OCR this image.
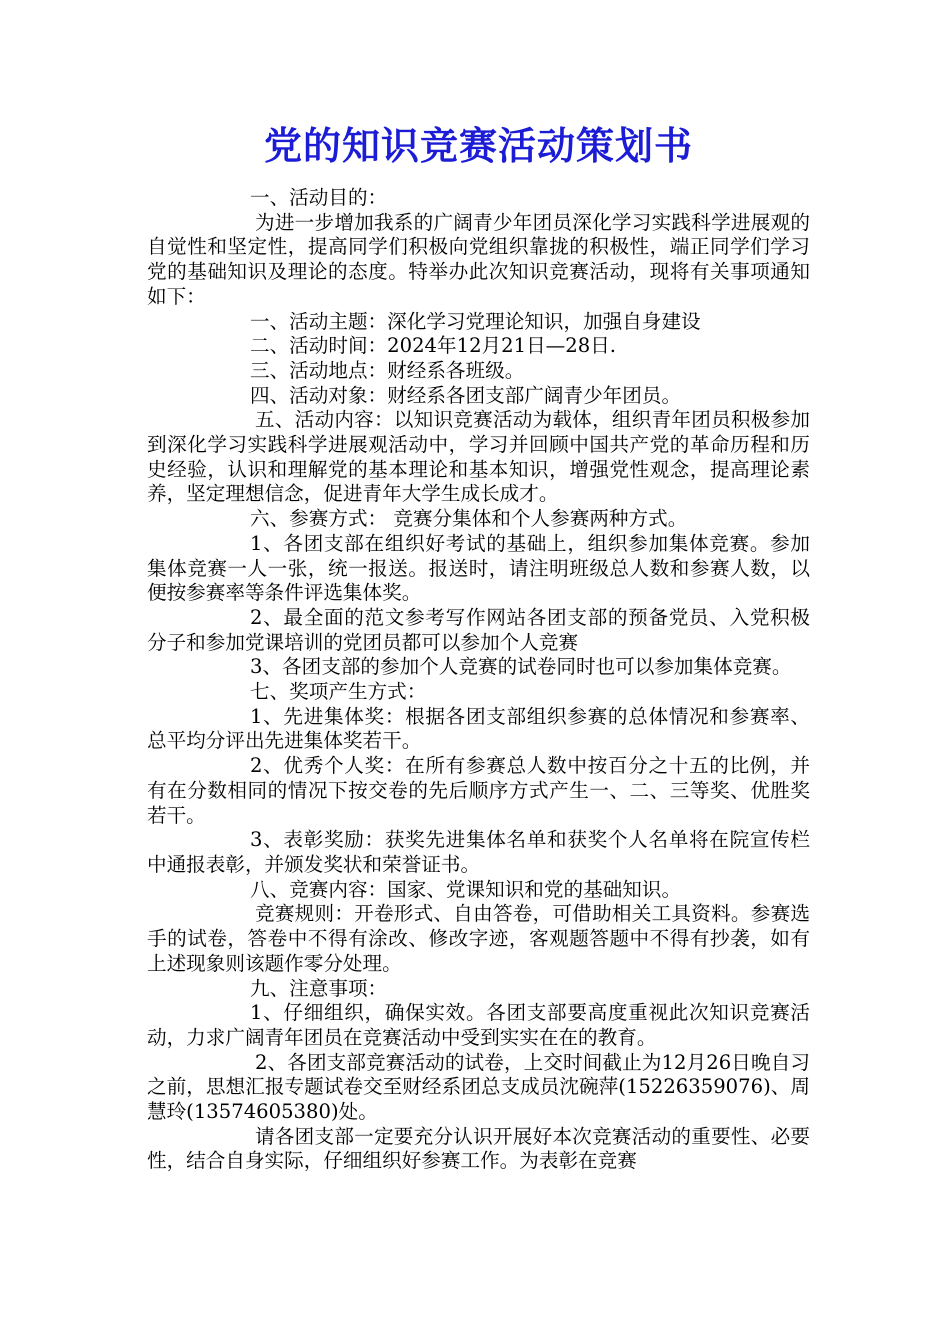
党的知识竞赛活动策划书

一、活动目的：

为进一步增加我系的广阔青少年团员深化学习实践科学进展观的自觉性和坚定性，提高同学们积极向党组织靠拢的积极性，端正同学们学习党的基础知识及理论的态度。特举办此次知识竞赛活动，现将有关事项通知如下：

一、活动主题：深化学习党理论知识，加强自身建设

二、活动时间：2024年12月21日—28日.

三、活动地点：财经系各班级。

四、活动对象：财经系各团支部广阔青少年团员。

五、活动内容：以知识竞赛活动为载体，组织青年团员积极参加到深化学习实践科学进展观活动中，学习并回顾中国共产党的革命历程和历史经验，认识和理解党的基本理论和基本知识，增强党性观念，提高理论素养，坚定理想信念，促进青年大学生成长成才。

六、参赛方式： 竞赛分集体和个人参赛两种方式。

1、各团支部在组织好考试的基础上，组织参加集体竞赛。参加集体竞赛一人一张，统一报送。报送时，请注明班级总人数和参赛人数，以便按参赛率等条件评选集体奖。

2、最全面的范文参考写作网站各团支部的预备党员、入党积极分子和参加党课培训的党团员都可以参加个人竞赛

3、各团支部的参加个人竞赛的试卷同时也可以参加集体竞赛。

七、奖项产生方式：

1、先进集体奖：根据各团支部组织参赛的总体情况和参赛率、总平均分评出先进集体奖若干。

2、优秀个人奖：在所有参赛总人数中按百分之十五的比例，并有在分数相同的情况下按交卷的先后顺序方式产生一、二、三等奖、优胜奖若干。

3、表彰奖励：获奖先进集体名单和获奖个人名单将在院宣传栏中通报表彰，并颁发奖状和荣誉证书。

八、竞赛内容：国家、党课知识和党的基础知识。

竞赛规则：开卷形式、自由答卷，可借助相关工具资料。参赛选手的试卷，答卷中不得有涂改、修改字迹，客观题答题中不得有抄袭，如有上述现象则该题作零分处理。

九、注意事项：

1、仔细组织，确保实效。各团支部要高度重视此次知识竞赛活动，力求广阔青年团员在竞赛活动中受到实实在在的教育。

2、各团支部竞赛活动的试卷，上交时间截止为12月26日晚自习之前，思想汇报专题试卷交至财经系团总支成员沈碗萍(15226359076)、周慧玲(13574605380)处。

请各团支部一定要充分认识开展好本次竞赛活动的重要性、必要性，结合自身实际，仔细组织好参赛工作。为表彰在竞赛
